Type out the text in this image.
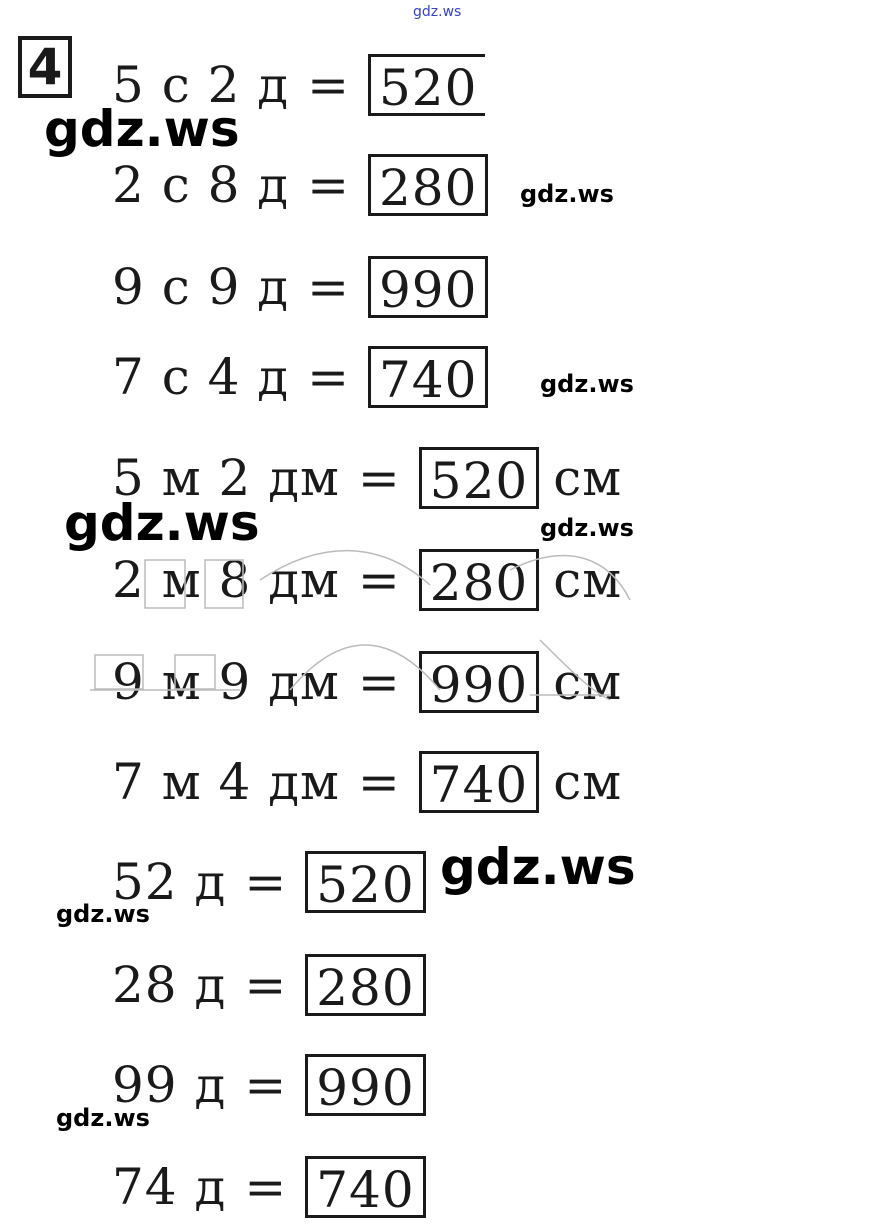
4 5 с 2 д = 520
2 с 8 д = 280
9 с 9 д = 990
7 с 4 д = 740
5 м 2 дм = 520 см
2 м 8 дм = 280 см
9 м 9 дм = 990 см
7 м 4 дм = 740 см
52 д = 520
28 д = 280
99 д = 990
74 д = 740
gdz.ws
gdz.ws
gdz.ws
gdz.ws
gdz.ws	gdz.ws
gdz.ws
gdz.ws
gdz.ws
